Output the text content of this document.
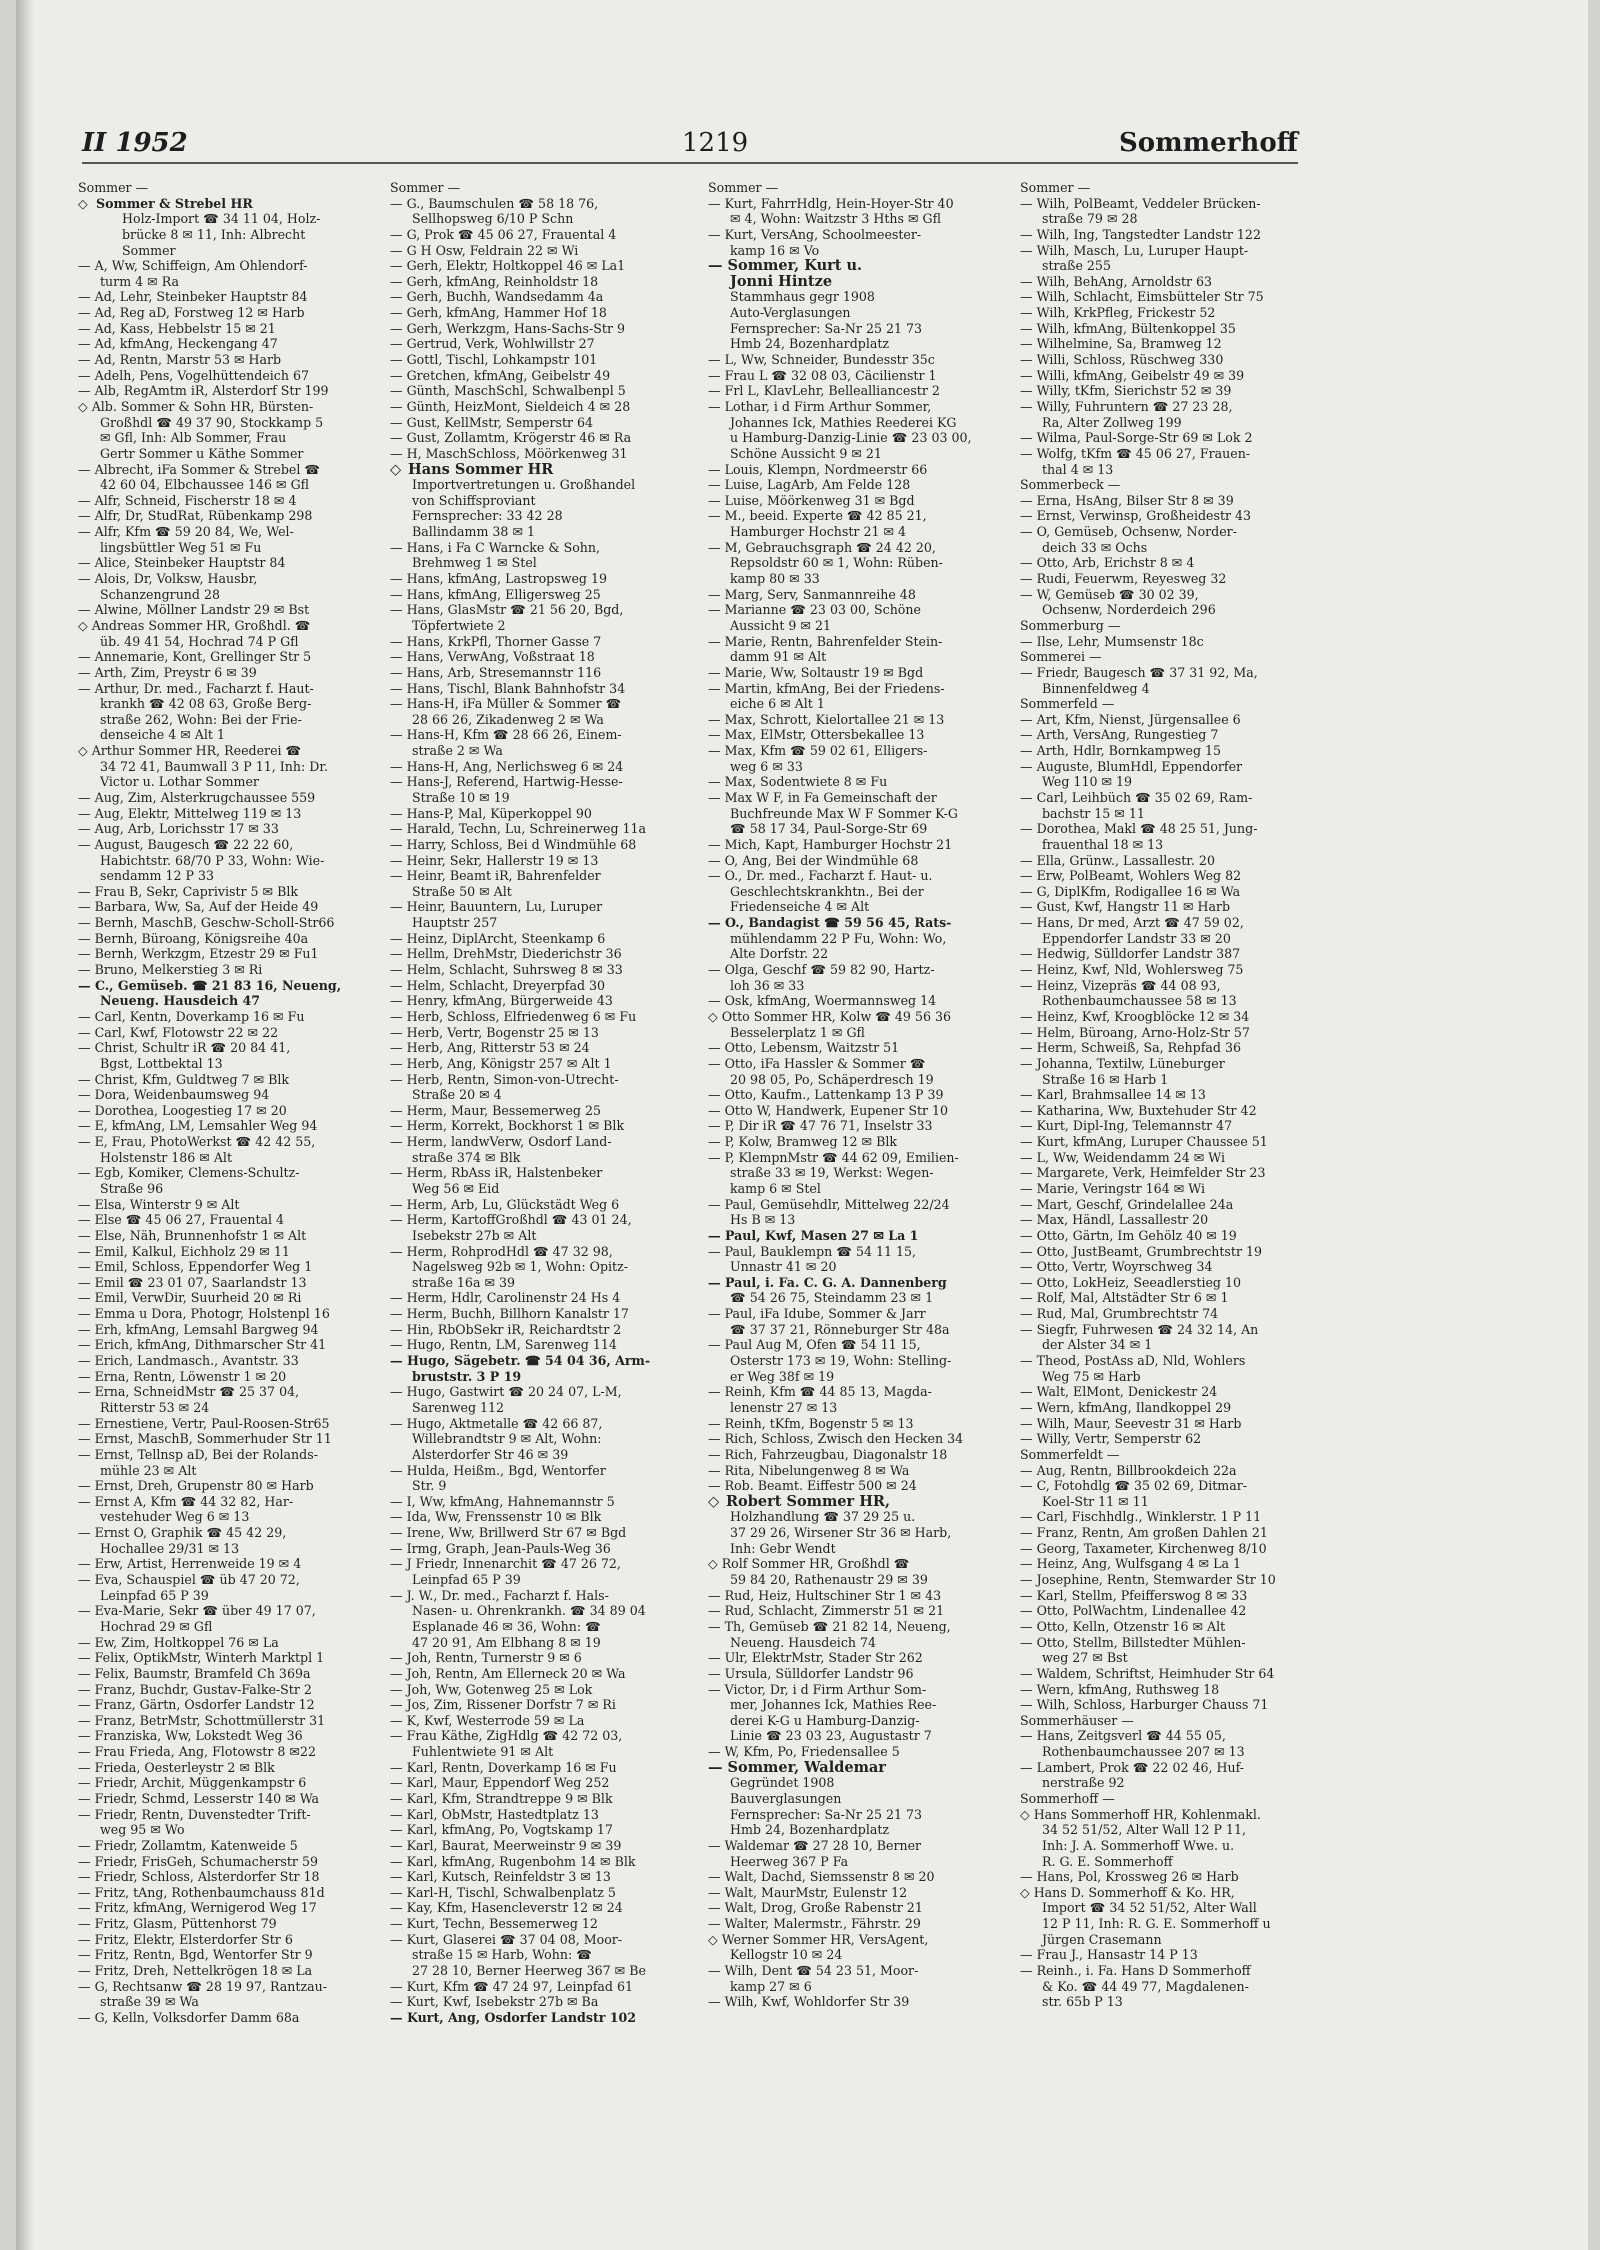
II 1952	1219	Sommerhoff
Sommer —
◇ Sommer & Strebel HR
Holz-Import ☎ 34 11 04, Holz-
brücke 8 ✉ 11, Inh: Albrecht
Sommer
— A, Ww, Schiffeign, Am Ohlendorf-
turm 4 ✉ Ra
— Ad, Lehr, Steinbeker Hauptstr 84
— Ad, Reg aD, Forstweg 12 ✉ Harb
— Ad, Kass, Hebbelstr 15 ✉ 21
— Ad, kfmAng, Heckengang 47
— Ad, Rentn, Marstr 53 ✉ Harb
— Adelh, Pens, Vogelhüttendeich 67
— Alb, RegAmtm iR, Alsterdorf Str 199
◇ Alb. Sommer & Sohn HR, Bürsten-
Großhdl ☎ 49 37 90, Stockkamp 5
✉ Gfl, Inh: Alb Sommer, Frau
Gertr Sommer u Käthe Sommer
— Albrecht, iFa Sommer & Strebel ☎
42 60 04, Elbchaussee 146 ✉ Gfl
— Alfr, Schneid, Fischerstr 18 ✉ 4
— Alfr, Dr, StudRat, Rübenkamp 298
— Alfr, Kfm ☎ 59 20 84, We, Wel-
lingsbüttler Weg 51 ✉ Fu
— Alice, Steinbeker Hauptstr 84
— Alois, Dr, Volksw, Hausbr,
Schanzengrund 28
— Alwine, Möllner Landstr 29 ✉ Bst
◇ Andreas Sommer HR, Großhdl. ☎
üb. 49 41 54, Hochrad 74 P Gfl
— Annemarie, Kont, Grellinger Str 5
— Arth, Zim, Preystr 6 ✉ 39
— Arthur, Dr. med., Facharzt f. Haut-
krankh ☎ 42 08 63, Große Berg-
straße 262, Wohn: Bei der Frie-
denseiche 4 ✉ Alt 1
◇ Arthur Sommer HR, Reederei ☎
34 72 41, Baumwall 3 P 11, Inh: Dr.
Victor u. Lothar Sommer
— Aug, Zim, Alsterkrugchaussee 559
— Aug, Elektr, Mittelweg 119 ✉ 13
— Aug, Arb, Lorichsstr 17 ✉ 33
— August, Baugesch ☎ 22 22 60,
Habichtstr. 68/70 P 33, Wohn: Wie-
sendamm 12 P 33
— Frau B, Sekr, Caprivistr 5 ✉ Blk
— Barbara, Ww, Sa, Auf der Heide 49
— Bernh, MaschB, Geschw-Scholl-Str66
— Bernh, Büroang, Königsreihe 40a
— Bernh, Werkzgm, Etzestr 29 ✉ Fu1
— Bruno, Melkerstieg 3 ✉ Ri
— C., Gemüseb. ☎ 21 83 16, Neueng,
Neueng. Hausdeich 47
— Carl, Kentn, Doverkamp 16 ✉ Fu
— Carl, Kwf, Flotowstr 22 ✉ 22
— Christ, Schultr iR ☎ 20 84 41,
Bgst, Lottbektal 13
— Christ, Kfm, Guldtweg 7 ✉ Blk
— Dora, Weidenbaumsweg 94
— Dorothea, Loogestieg 17 ✉ 20
— E, kfmAng, LM, Lemsahler Weg 94
— E, Frau, PhotoWerkst ☎ 42 42 55,
Holstenstr 186 ✉ Alt
— Egb, Komiker, Clemens-Schultz-
Straße 96
— Elsa, Winterstr 9 ✉ Alt
— Else ☎ 45 06 27, Frauental 4
— Else, Näh, Brunnenhofstr 1 ✉ Alt
— Emil, Kalkul, Eichholz 29 ✉ 11
— Emil, Schloss, Eppendorfer Weg 1
— Emil ☎ 23 01 07, Saarlandstr 13
— Emil, VerwDir, Suurheid 20 ✉ Ri
— Emma u Dora, Photogr, Holstenpl 16
— Erh, kfmAng, Lemsahl Bargweg 94
— Erich, kfmAng, Dithmarscher Str 41
— Erich, Landmasch., Avantstr. 33
— Erna, Rentn, Löwenstr 1 ✉ 20
— Erna, SchneidMstr ☎ 25 37 04,
Ritterstr 53 ✉ 24
— Ernestiene, Vertr, Paul-Roosen-Str65
— Ernst, MaschB, Sommerhuder Str 11
— Ernst, Tellnsp aD, Bei der Rolands-
mühle 23 ✉ Alt
— Ernst, Dreh, Grupenstr 80 ✉ Harb
— Ernst A, Kfm ☎ 44 32 82, Har-
vestehuder Weg 6 ✉ 13
— Ernst O, Graphik ☎ 45 42 29,
Hochallee 29/31 ✉ 13
— Erw, Artist, Herrenweide 19 ✉ 4
— Eva, Schauspiel ☎ üb 47 20 72,
Leinpfad 65 P 39
— Eva-Marie, Sekr ☎ über 49 17 07,
Hochrad 29 ✉ Gfl
— Ew, Zim, Holtkoppel 76 ✉ La
— Felix, OptikMstr, Winterh Marktpl 1
— Felix, Baumstr, Bramfeld Ch 369a
— Franz, Buchdr, Gustav-Falke-Str 2
— Franz, Gärtn, Osdorfer Landstr 12
— Franz, BetrMstr, Schottmüllerstr 31
— Franziska, Ww, Lokstedt Weg 36
— Frau Frieda, Ang, Flotowstr 8 ✉22
— Frieda, Oesterleystr 2 ✉ Blk
— Friedr, Archit, Müggenkampstr 6
— Friedr, Schmd, Lesserstr 140 ✉ Wa
— Friedr, Rentn, Duvenstedter Trift-
weg 95 ✉ Wo
— Friedr, Zollamtm, Katenweide 5
— Friedr, FrisGeh, Schumacherstr 59
— Friedr, Schloss, Alsterdorfer Str 18
— Fritz, tAng, Rothenbaumchauss 81d
— Fritz, kfmAng, Wernigerod Weg 17
— Fritz, Glasm, Püttenhorst 79
— Fritz, Elektr, Elsterdorfer Str 6
— Fritz, Rentn, Bgd, Wentorfer Str 9
— Fritz, Dreh, Nettelkrögen 18 ✉ La
— G, Rechtsanw ☎ 28 19 97, Rantzau-
straße 39 ✉ Wa
— G, Kelln, Volksdorfer Damm 68a
Sommer —
— G., Baumschulen ☎ 58 18 76,
Sellhopsweg 6/10 P Schn
— G, Prok ☎ 45 06 27, Frauental 4
— G H Osw, Feldrain 22 ✉ Wi
— Gerh, Elektr, Holtkoppel 46 ✉ La1
— Gerh, kfmAng, Reinholdstr 18
— Gerh, Buchh, Wandsedamm 4a
— Gerh, kfmAng, Hammer Hof 18
— Gerh, Werkzgm, Hans-Sachs-Str 9
— Gertrud, Verk, Wohlwillstr 27
— Gottl, Tischl, Lohkampstr 101
— Gretchen, kfmAng, Geibelstr 49
— Günth, MaschSchl, Schwalbenpl 5
— Günth, HeizMont, Sieldeich 4 ✉ 28
— Gust, KellMstr, Semperstr 64
— Gust, Zollamtm, Krögerstr 46 ✉ Ra
— H, MaschSchloss, Möörkenweg 31
◇ Hans Sommer HR
Importvertretungen u. Großhandel
von Schiffsproviant
Fernsprecher: 33 42 28
Ballindamm 38 ✉ 1
— Hans, i Fa C Warncke & Sohn,
Brehmweg 1 ✉ Stel
— Hans, kfmAng, Lastropsweg 19
— Hans, kfmAng, Elligersweg 25
— Hans, GlasMstr ☎ 21 56 20, Bgd,
Töpfertwiete 2
— Hans, KrkPfl, Thorner Gasse 7
— Hans, VerwAng, Voßstraat 18
— Hans, Arb, Stresemannstr 116
— Hans, Tischl, Blank Bahnhofstr 34
— Hans-H, iFa Müller & Sommer ☎
28 66 26, Zikadenweg 2 ✉ Wa
— Hans-H, Kfm ☎ 28 66 26, Einem-
straße 2 ✉ Wa
— Hans-H, Ang, Nerlichsweg 6 ✉ 24
— Hans-J, Referend, Hartwig-Hesse-
Straße 10 ✉ 19
— Hans-P, Mal, Küperkoppel 90
— Harald, Techn, Lu, Schreinerweg 11a
— Harry, Schloss, Bei d Windmühle 68
— Heinr, Sekr, Hallerstr 19 ✉ 13
— Heinr, Beamt iR, Bahrenfelder
Straße 50 ✉ Alt
— Heinr, Bauuntern, Lu, Luruper
Hauptstr 257
— Heinz, DiplArcht, Steenkamp 6
— Hellm, DrehMstr, Diederichstr 36
— Helm, Schlacht, Suhrsweg 8 ✉ 33
— Helm, Schlacht, Dreyerpfad 30
— Henry, kfmAng, Bürgerweide 43
— Herb, Schloss, Elfriedenweg 6 ✉ Fu
— Herb, Vertr, Bogenstr 25 ✉ 13
— Herb, Ang, Ritterstr 53 ✉ 24
— Herb, Ang, Königstr 257 ✉ Alt 1
— Herb, Rentn, Simon-von-Utrecht-
Straße 20 ✉ 4
— Herm, Maur, Bessemerweg 25
— Herm, Korrekt, Bockhorst 1 ✉ Blk
— Herm, landwVerw, Osdorf Land-
straße 374 ✉ Blk
— Herm, RbAss iR, Halstenbeker
Weg 56 ✉ Eid
— Herm, Arb, Lu, Glückstädt Weg 6
— Herm, KartoffGroßhdl ☎ 43 01 24,
Isebekstr 27b ✉ Alt
— Herm, RohprodHdl ☎ 47 32 98,
Nagelsweg 92b ✉ 1, Wohn: Opitz-
straße 16a ✉ 39
— Herm, Hdlr, Carolinenstr 24 Hs 4
— Herm, Buchh, Billhorn Kanalstr 17
— Hin, RbObSekr iR, Reichardtstr 2
— Hugo, Rentn, LM, Sarenweg 114
— Hugo, Sägebetr. ☎ 54 04 36, Arm-
bruststr. 3 P 19
— Hugo, Gastwirt ☎ 20 24 07, L-M,
Sarenweg 112
— Hugo, Aktmetalle ☎ 42 66 87,
Willebrandtstr 9 ✉ Alt, Wohn:
Alsterdorfer Str 46 ✉ 39
— Hulda, Heißm., Bgd, Wentorfer
Str. 9
— I, Ww, kfmAng, Hahnemannstr 5
— Ida, Ww, Frenssenstr 10 ✉ Blk
— Irene, Ww, Brillwerd Str 67 ✉ Bgd
— Irmg, Graph, Jean-Pauls-Weg 36
— J Friedr, Innenarchit ☎ 47 26 72,
Leinpfad 65 P 39
— J. W., Dr. med., Facharzt f. Hals-
Nasen- u. Ohrenkrankh. ☎ 34 89 04
Esplanade 46 ✉ 36, Wohn: ☎
47 20 91, Am Elbhang 8 ✉ 19
— Joh, Rentn, Turnerstr 9 ✉ 6
— Joh, Rentn, Am Ellerneck 20 ✉ Wa
— Joh, Ww, Gotenweg 25 ✉ Lok
— Jos, Zim, Rissener Dorfstr 7 ✉ Ri
— K, Kwf, Westerrode 59 ✉ La
— Frau Käthe, ZigHdlg ☎ 42 72 03,
Fuhlentwiete 91 ✉ Alt
— Karl, Rentn, Doverkamp 16 ✉ Fu
— Karl, Maur, Eppendorf Weg 252
— Karl, Kfm, Strandtreppe 9 ✉ Blk
— Karl, ObMstr, Hastedtplatz 13
— Karl, kfmAng, Po, Vogtskamp 17
— Karl, Baurat, Meerweinstr 9 ✉ 39
— Karl, kfmAng, Rugenbohm 14 ✉ Blk
— Karl, Kutsch, Reinfeldstr 3 ✉ 13
— Karl-H, Tischl, Schwalbenplatz 5
— Kay, Kfm, Hasencleverstr 12 ✉ 24
— Kurt, Techn, Bessemerweg 12
— Kurt, Glaserei ☎ 37 04 08, Moor-
straße 15 ✉ Harb, Wohn: ☎
27 28 10, Berner Heerweg 367 ✉ Be
— Kurt, Kfm ☎ 47 24 97, Leinpfad 61
— Kurt, Kwf, Isebekstr 27b ✉ Ba
— Kurt, Ang, Osdorfer Landstr 102
Sommer —
— Kurt, FahrrHdlg, Hein-Hoyer-Str 40
✉ 4, Wohn: Waitzstr 3 Hths ✉ Gfl
— Kurt, VersAng, Schoolmeester-
kamp 16 ✉ Vo
— Sommer, Kurt u.
Jonni Hintze
Stammhaus gegr 1908
Auto-Verglasungen
Fernsprecher: Sa-Nr 25 21 73
Hmb 24, Bozenhardplatz
— L, Ww, Schneider, Bundesstr 35c
— Frau L ☎ 32 08 03, Cäcilienstr 1
— Frl L, KlavLehr, Bellealliancestr 2
— Lothar, i d Firm Arthur Sommer,
Johannes Ick, Mathies Reederei KG
u Hamburg-Danzig-Linie ☎ 23 03 00,
Schöne Aussicht 9 ✉ 21
— Louis, Klempn, Nordmeerstr 66
— Luise, LagArb, Am Felde 128
— Luise, Möörkenweg 31 ✉ Bgd
— M., beeid. Experte ☎ 42 85 21,
Hamburger Hochstr 21 ✉ 4
— M, Gebrauchsgraph ☎ 24 42 20,
Repsoldstr 60 ✉ 1, Wohn: Rüben-
kamp 80 ✉ 33
— Marg, Serv, Sanmannreihe 48
— Marianne ☎ 23 03 00, Schöne
Aussicht 9 ✉ 21
— Marie, Rentn, Bahrenfelder Stein-
damm 91 ✉ Alt
— Marie, Ww, Soltaustr 19 ✉ Bgd
— Martin, kfmAng, Bei der Friedens-
eiche 6 ✉ Alt 1
— Max, Schrott, Kielortallee 21 ✉ 13
— Max, ElMstr, Ottersbekallee 13
— Max, Kfm ☎ 59 02 61, Elligers-
weg 6 ✉ 33
— Max, Sodentwiete 8 ✉ Fu
— Max W F, in Fa Gemeinschaft der
Buchfreunde Max W F Sommer K-G
☎ 58 17 34, Paul-Sorge-Str 69
— Mich, Kapt, Hamburger Hochstr 21
— O, Ang, Bei der Windmühle 68
— O., Dr. med., Facharzt f. Haut- u.
Geschlechtskrankhtn., Bei der
Friedenseiche 4 ✉ Alt
— O., Bandagist ☎ 59 56 45, Rats-
mühlendamm 22 P Fu, Wohn: Wo,
Alte Dorfstr. 22
— Olga, Geschf ☎ 59 82 90, Hartz-
loh 36 ✉ 33
— Osk, kfmAng, Woermannsweg 14
◇ Otto Sommer HR, Kolw ☎ 49 56 36
Besselerplatz 1 ✉ Gfl
— Otto, Lebensm, Waitzstr 51
— Otto, iFa Hassler & Sommer ☎
20 98 05, Po, Schäperdresch 19
— Otto, Kaufm., Lattenkamp 13 P 39
— Otto W, Handwerk, Eupener Str 10
— P, Dir iR ☎ 47 76 71, Inselstr 33
— P, Kolw, Bramweg 12 ✉ Blk
— P, KlempnMstr ☎ 44 62 09, Emilien-
straße 33 ✉ 19, Werkst: Wegen-
kamp 6 ✉ Stel
— Paul, Gemüsehdlr, Mittelweg 22/24
Hs B ✉ 13
— Paul, Kwf, Masen 27 ✉ La 1
— Paul, Bauklempn ☎ 54 11 15,
Unnastr 41 ✉ 20
— Paul, i. Fa. C. G. A. Dannenberg
☎ 54 26 75, Steindamm 23 ✉ 1
— Paul, iFa Idube, Sommer & Jarr
☎ 37 37 21, Rönneburger Str 48a
— Paul Aug M, Ofen ☎ 54 11 15,
Osterstr 173 ✉ 19, Wohn: Stelling-
er Weg 38f ✉ 19
— Reinh, Kfm ☎ 44 85 13, Magda-
lenenstr 27 ✉ 13
— Reinh, tKfm, Bogenstr 5 ✉ 13
— Rich, Schloss, Zwisch den Hecken 34
— Rich, Fahrzeugbau, Diagonalstr 18
— Rita, Nibelungenweg 8 ✉ Wa
— Rob. Beamt. Eiffestr 500 ✉ 24
◇ Robert Sommer HR,
Holzhandlung ☎ 37 29 25 u.
37 29 26, Wirsener Str 36 ✉ Harb,
Inh: Gebr Wendt
◇ Rolf Sommer HR, Großhdl ☎
59 84 20, Rathenaustr 29 ✉ 39
— Rud, Heiz, Hultschiner Str 1 ✉ 43
— Rud, Schlacht, Zimmerstr 51 ✉ 21
— Th, Gemüseb ☎ 21 82 14, Neueng,
Neueng. Hausdeich 74
— Ulr, ElektrMstr, Stader Str 262
— Ursula, Sülldorfer Landstr 96
— Victor, Dr, i d Firm Arthur Som-
mer, Johannes Ick, Mathies Ree-
derei K-G u Hamburg-Danzig-
Linie ☎ 23 03 23, Augustastr 7
— W, Kfm, Po, Friedensallee 5
— Sommer, Waldemar
Gegründet 1908
Bauverglasungen
Fernsprecher: Sa-Nr 25 21 73
Hmb 24, Bozenhardplatz
— Waldemar ☎ 27 28 10, Berner
Heerweg 367 P Fa
— Walt, Dachd, Siemssenstr 8 ✉ 20
— Walt, MaurMstr, Eulenstr 12
— Walt, Drog, Große Rabenstr 21
— Walter, Malermstr., Fährstr. 29
◇ Werner Sommer HR, VersAgent,
Kellogstr 10 ✉ 24
— Wilh, Dent ☎ 54 23 51, Moor-
kamp 27 ✉ 6
— Wilh, Kwf, Wohldorfer Str 39
Sommer —
— Wilh, PolBeamt, Veddeler Brücken-
straße 79 ✉ 28
— Wilh, Ing, Tangstedter Landstr 122
— Wilh, Masch, Lu, Luruper Haupt-
straße 255
— Wilh, BehAng, Arnoldstr 63
— Wilh, Schlacht, Eimsbütteler Str 75
— Wilh, KrkPfleg, Frickestr 52
— Wilh, kfmAng, Bültenkoppel 35
— Wilhelmine, Sa, Bramweg 12
— Willi, Schloss, Rüschweg 330
— Willi, kfmAng, Geibelstr 49 ✉ 39
— Willy, tKfm, Sierichstr 52 ✉ 39
— Willy, Fuhruntern ☎ 27 23 28,
Ra, Alter Zollweg 199
— Wilma, Paul-Sorge-Str 69 ✉ Lok 2
— Wolfg, tKfm ☎ 45 06 27, Frauen-
thal 4 ✉ 13
Sommerbeck —
— Erna, HsAng, Bilser Str 8 ✉ 39
— Ernst, Verwinsp, Großheidestr 43
— O, Gemüseb, Ochsenw, Norder-
deich 33 ✉ Ochs
— Otto, Arb, Erichstr 8 ✉ 4
— Rudi, Feuerwm, Reyesweg 32
— W, Gemüseb ☎ 30 02 39,
Ochsenw, Norderdeich 296
Sommerburg —
— Ilse, Lehr, Mumsenstr 18c
Sommerei —
— Friedr, Baugesch ☎ 37 31 92, Ma,
Binnenfeldweg 4
Sommerfeld —
— Art, Kfm, Nienst, Jürgensallee 6
— Arth, VersAng, Rungestieg 7
— Arth, Hdlr, Bornkampweg 15
— Auguste, BlumHdl, Eppendorfer
Weg 110 ✉ 19
— Carl, Leihbüch ☎ 35 02 69, Ram-
bachstr 15 ✉ 11
— Dorothea, Makl ☎ 48 25 51, Jung-
frauenthal 18 ✉ 13
— Ella, Grünw., Lassallestr. 20
— Erw, PolBeamt, Wohlers Weg 82
— G, DiplKfm, Rodigallee 16 ✉ Wa
— Gust, Kwf, Hangstr 11 ✉ Harb
— Hans, Dr med, Arzt ☎ 47 59 02,
Eppendorfer Landstr 33 ✉ 20
— Hedwig, Sülldorfer Landstr 387
— Heinz, Kwf, Nld, Wohlersweg 75
— Heinz, Vizepräs ☎ 44 08 93,
Rothenbaumchaussee 58 ✉ 13
— Heinz, Kwf, Kroogblöcke 12 ✉ 34
— Helm, Büroang, Arno-Holz-Str 57
— Herm, Schweiß, Sa, Rehpfad 36
— Johanna, Textilw, Lüneburger
Straße 16 ✉ Harb 1
— Karl, Brahmsallee 14 ✉ 13
— Katharina, Ww, Buxtehuder Str 42
— Kurt, Dipl-Ing, Telemannstr 47
— Kurt, kfmAng, Luruper Chaussee 51
— L, Ww, Weidendamm 24 ✉ Wi
— Margarete, Verk, Heimfelder Str 23
— Marie, Veringstr 164 ✉ Wi
— Mart, Geschf, Grindelallee 24a
— Max, Händl, Lassallestr 20
— Otto, Gärtn, Im Gehölz 40 ✉ 19
— Otto, JustBeamt, Grumbrechtstr 19
— Otto, Vertr, Woyrschweg 34
— Otto, LokHeiz, Seeadlerstieg 10
— Rolf, Mal, Altstädter Str 6 ✉ 1
— Rud, Mal, Grumbrechtstr 74
— Siegfr, Fuhrwesen ☎ 24 32 14, An
der Alster 34 ✉ 1
— Theod, PostAss aD, Nld, Wohlers
Weg 75 ✉ Harb
— Walt, ElMont, Denickestr 24
— Wern, kfmAng, Ilandkoppel 29
— Wilh, Maur, Seevestr 31 ✉ Harb
— Willy, Vertr, Semperstr 62
Sommerfeldt —
— Aug, Rentn, Billbrookdeich 22a
— C, Fotohdlg ☎ 35 02 69, Ditmar-
Koel-Str 11 ✉ 11
— Carl, Fischhdlg., Winklerstr. 1 P 11
— Franz, Rentn, Am großen Dahlen 21
— Georg, Taxameter, Kirchenweg 8/10
— Heinz, Ang, Wulfsgang 4 ✉ La 1
— Josephine, Rentn, Stemwarder Str 10
— Karl, Stellm, Pfeifferswog 8 ✉ 33
— Otto, PolWachtm, Lindenallee 42
— Otto, Kelln, Otzenstr 16 ✉ Alt
— Otto, Stellm, Billstedter Mühlen-
weg 27 ✉ Bst
— Waldem, Schriftst, Heimhuder Str 64
— Wern, kfmAng, Ruthsweg 18
— Wilh, Schloss, Harburger Chauss 71
Sommerhäuser —
— Hans, Zeitgsverl ☎ 44 55 05,
Rothenbaumchaussee 207 ✉ 13
— Lambert, Prok ☎ 22 02 46, Huf-
nerstraße 92
Sommerhoff —
◇ Hans Sommerhoff HR, Kohlenmakl.
34 52 51/52, Alter Wall 12 P 11,
Inh: J. A. Sommerhoff Wwe. u.
R. G. E. Sommerhoff
— Hans, Pol, Krossweg 26 ✉ Harb
◇ Hans D. Sommerhoff & Ko. HR,
Import ☎ 34 52 51/52, Alter Wall
12 P 11, Inh: R. G. E. Sommerhoff u
Jürgen Crasemann
— Frau J., Hansastr 14 P 13
— Reinh., i. Fa. Hans D Sommerhoff
& Ko. ☎ 44 49 77, Magdalenen-
str. 65b P 13
